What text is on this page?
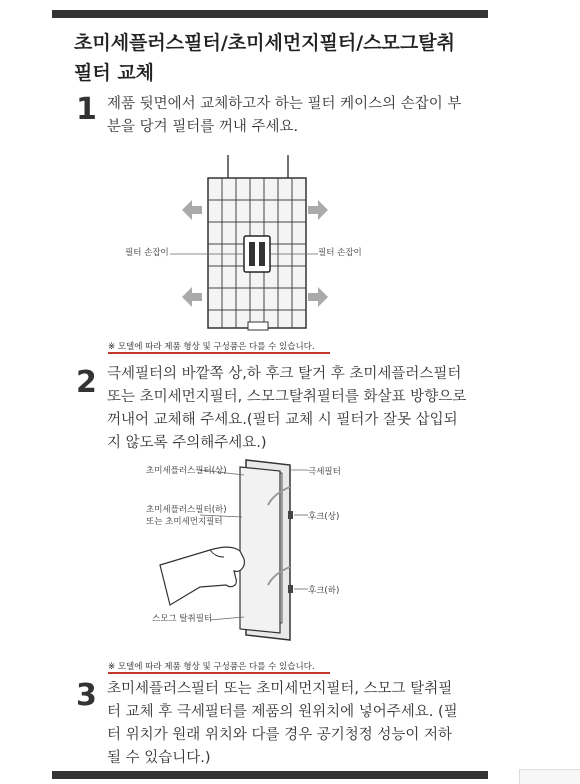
초미세플러스필터/초미세먼지필터/스모그탈취
필터 교체
1 제품 뒷면에서 교체하고자 하는 필터 케이스의 손잡이 부
분을 당겨 필터를 꺼내 주세요.
필터 손잡이	필터 손잡이
※ 모델에 따라 제품 형상 및 구성품은 다를 수 있습니다.
2 극세필터의 바깥쪽 상,하 후크 탈거 후 초미세플러스필터
또는 초미세먼지필터, 스모그탈취필터를 화살표 방향으로
꺼내어 교체해 주세요.(필터 교체 시 필터가 잘못 삽입되
지 않도록 주의해주세요.)
초미세플러스필터(상)
초미세플러스필터(하)
또는 초미세먼지필터
스모그 탈취필터
극세필터
후크(상)
후크(하)
※ 모델에 따라 제품 형상 및 구성품은 다를 수 있습니다.
3 초미세플러스필터 또는 초미세먼지필터, 스모그 탈취필
터 교체 후 극세필터를 제품의 원위치에 넣어주세요. (필
터 위치가 원래 위치와 다를 경우 공기청정 성능이 저하
될 수 있습니다.)
